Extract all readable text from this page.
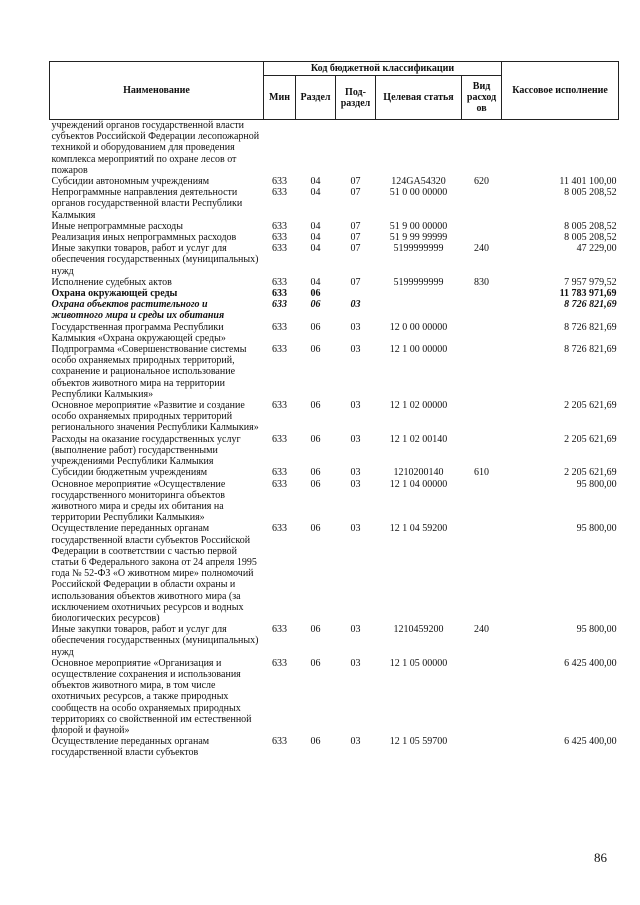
Наименование	Код бюджетной классификации					Кассовое исполнение
	Мин	Раздел	Под-раздел	Целевая статья	Вид расход ов	
учреждений органов государственной власти субъектов Российской Федерации лесопожарной техникой и оборудованием для проведения комплекса мероприятий по охране лесов от пожаров						
Субсидии автономным учреждениям	633	04	07	124GA54320	620	11 401 100,00
Непрограммные направления деятельности органов государственной власти Республики Калмыкия	633	04	07	51 0 00 00000		8 005 208,52
Иные непрограммные расходы	633	04	07	51 9 00 00000		8 005 208,52
Реализация иных непрограммных расходов	633	04	07	51 9 99 99999		8 005 208,52
Иные закупки товаров, работ и услуг для обеспечения государственных (муниципальных) нужд	633	04	07	5199999999	240	47 229,00
Исполнение судебных актов	633	04	07	5199999999	830	7 957 979,52
Охрана окружающей среды	633	06				11 783 971,69
Охрана объектов растительного и животного мира и среды их обитания	633	06	03			8 726 821,69
Государственная программа Республики Калмыкия «Охрана окружающей среды»	633	06	03	12 0 00 00000		8 726 821,69
Подпрограмма «Совершенствование системы особо охраняемых природных территорий, сохранение и рациональное использование объектов животного мира на территории Республики Калмыкия»	633	06	03	12 1 00 00000		8 726 821,69
Основное мероприятие «Развитие и создание особо охраняемых природных территорий регионального значения Республики Калмыкия»	633	06	03	12 1 02 00000		2 205 621,69
Расходы на оказание государственных услуг (выполнение работ) государственными учреждениями Республики Калмыкия	633	06	03	12 1 02 00140		2 205 621,69
Субсидии бюджетным учреждениям	633	06	03	1210200140	610	2 205 621,69
Основное мероприятие «Осуществление государственного мониторинга объектов животного мира и среды их обитания на территории Республики Калмыкия»	633	06	03	12 1 04 00000		95 800,00
Осуществление переданных органам государственной власти субъектов Российской Федерации в соответствии с частью первой статьи 6 Федерального закона от 24 апреля 1995 года № 52-ФЗ «О животном мире» полномочий Российской Федерации в области охраны и использования объектов животного мира (за исключением охотничьих ресурсов и водных биологических ресурсов)	633	06	03	12 1 04 59200		95 800,00
Иные закупки товаров, работ и услуг для обеспечения государственных (муниципальных) нужд	633	06	03	1210459200	240	95 800,00
Основное мероприятие «Организация и осуществление сохранения и использования объектов животного мира, в том числе охотничьих ресурсов, а также природных сообществ на особо охраняемых природных территориях со свойственной им естественной флорой и фауной»	633	06	03	12 1 05 00000		6 425 400,00
Осуществление переданных органам государственной власти субъектов	633	06	03	12 1 05 59700		6 425 400,00
86
